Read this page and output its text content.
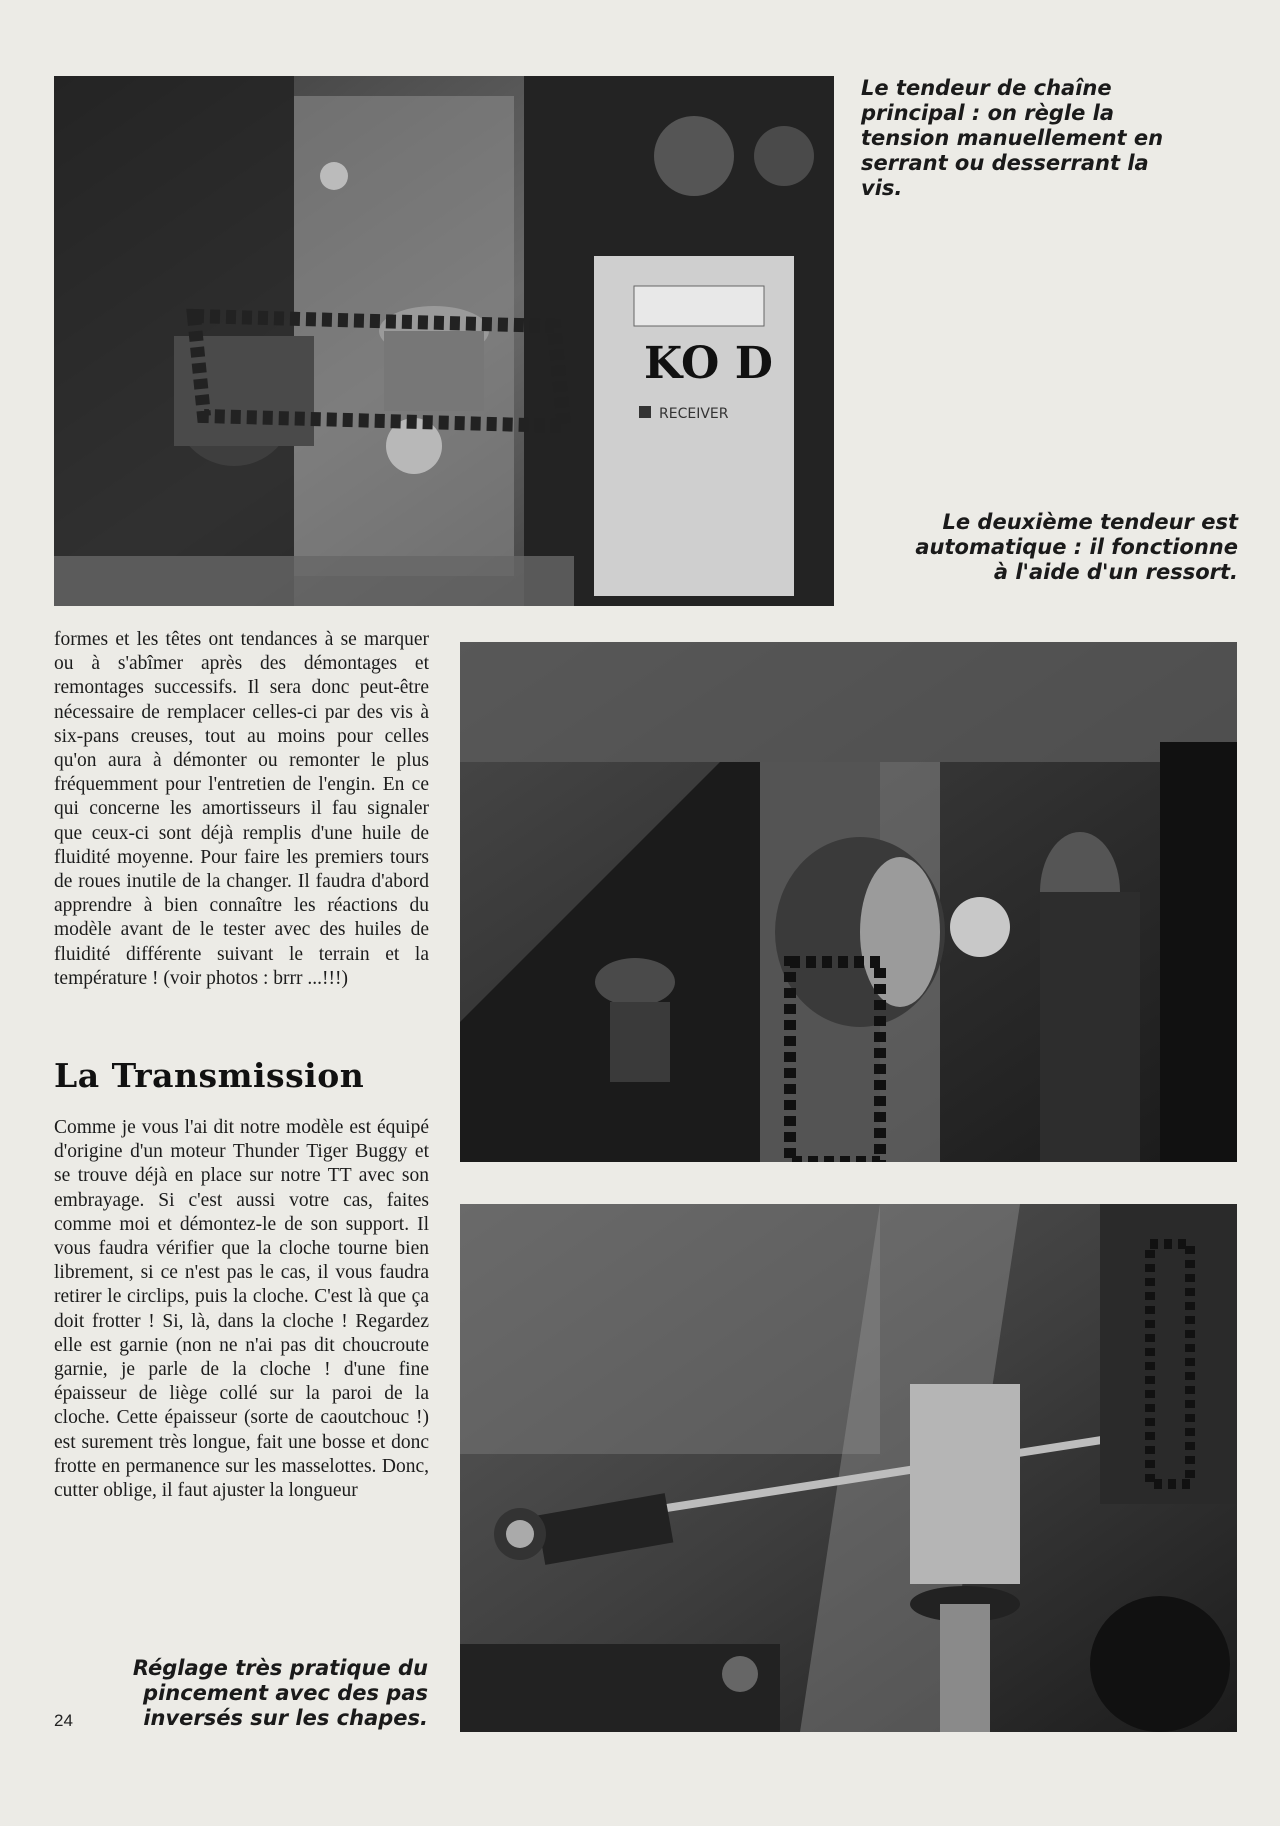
KO D
RECEIVER

Le tendeur de chaîne principal : on règle la tension manuellement en serrant ou desserrant la vis.

Le deuxième tendeur est automatique : il fonctionne à l'aide d'un ressort.

formes et les têtes ont tendances à se marquer ou à s'abîmer après des démontages et remontages successifs. Il sera donc peut-être nécessaire de remplacer celles-ci par des vis à six-pans creuses, tout au moins pour celles qu'on aura à démonter ou remonter le plus fréquemment pour l'entretien de l'engin. En ce qui concerne les amortisseurs il fau signaler que ceux-ci sont déjà remplis d'une huile de fluidité moyenne. Pour faire les premiers tours de roues inutile de la changer. Il faudra d'abord apprendre à bien connaître les réactions du modèle avant de le tester avec des huiles de fluidité différente suivant le terrain et la température ! (voir photos : brrr ...!!!)

La Transmission

Comme je vous l'ai dit notre modèle est équipé d'origine d'un moteur Thunder Tiger Buggy et se trouve déjà en place sur notre TT avec son embrayage. Si c'est aussi votre cas, faites comme moi et démontez-le de son support. Il vous faudra vérifier que la cloche tourne bien librement, si ce n'est pas le cas, il vous faudra retirer le circlips, puis la cloche. C'est là que ça doit frotter ! Si, là, dans la cloche ! Regardez elle est garnie (non ne n'ai pas dit choucroute garnie, je parle de la cloche ! d'une fine épaisseur de liège collé sur la paroi de la cloche. Cette épaisseur (sorte de caoutchouc !) est surement très longue, fait une bosse et donc frotte en permanence sur les masselottes. Donc, cutter oblige, il faut ajuster la longueur

Réglage très pratique du pincement avec des pas inversés sur les chapes.

24
